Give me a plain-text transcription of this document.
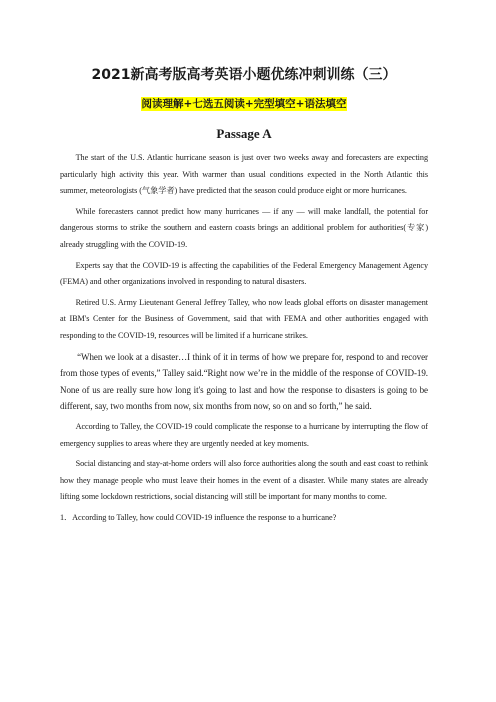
2021新高考版高考英语小题优练冲刺训练（三）
阅读理解+七选五阅读+完型填空+语法填空
Passage A

The start of the U.S. Atlantic hurricane season is just over two weeks away and forecasters are expecting particularly high activity this year. With warmer than usual conditions expected in the North Atlantic this summer, meteorologists (气象学者) have predicted that the season could produce eight or more hurricanes.

While forecasters cannot predict how many hurricanes — if any — will make landfall, the potential for dangerous storms to strike the southern and eastern coasts brings an additional problem for authorities(专家) already struggling with the COVID-19.

Experts say that the COVID-19 is affecting the capabilities of the Federal Emergency Management Agency (FEMA) and other organizations involved in responding to natural disasters.

Retired U.S. Army Lieutenant General Jeffrey Talley, who now leads global efforts on disaster management at IBM's Center for the Business of Government, said that with FEMA and other authorities engaged with responding to the COVID-19, resources will be limited if a hurricane strikes.

“When we look at a disaster…I think of it in terms of how we prepare for, respond to and recover from those types of events,” Talley said.“Right now we’re in the middle of the response of COVID-19. None of us are really sure how long it's going to last and how the response to disasters is going to be different, say, two months from now, six months from now, so on and so forth,” he said.

According to Talley, the COVID-19 could complicate the response to a hurricane by interrupting the flow of emergency supplies to areas where they are urgently needed at key moments.

Social distancing and stay-at-home orders will also force authorities along the south and east coast to rethink how they manage people who must leave their homes in the event of a disaster. While many states are already lifting some lockdown restrictions, social distancing will still be important for many months to come.

1．According to Talley, how could COVID-19 influence the response to a hurricane?
